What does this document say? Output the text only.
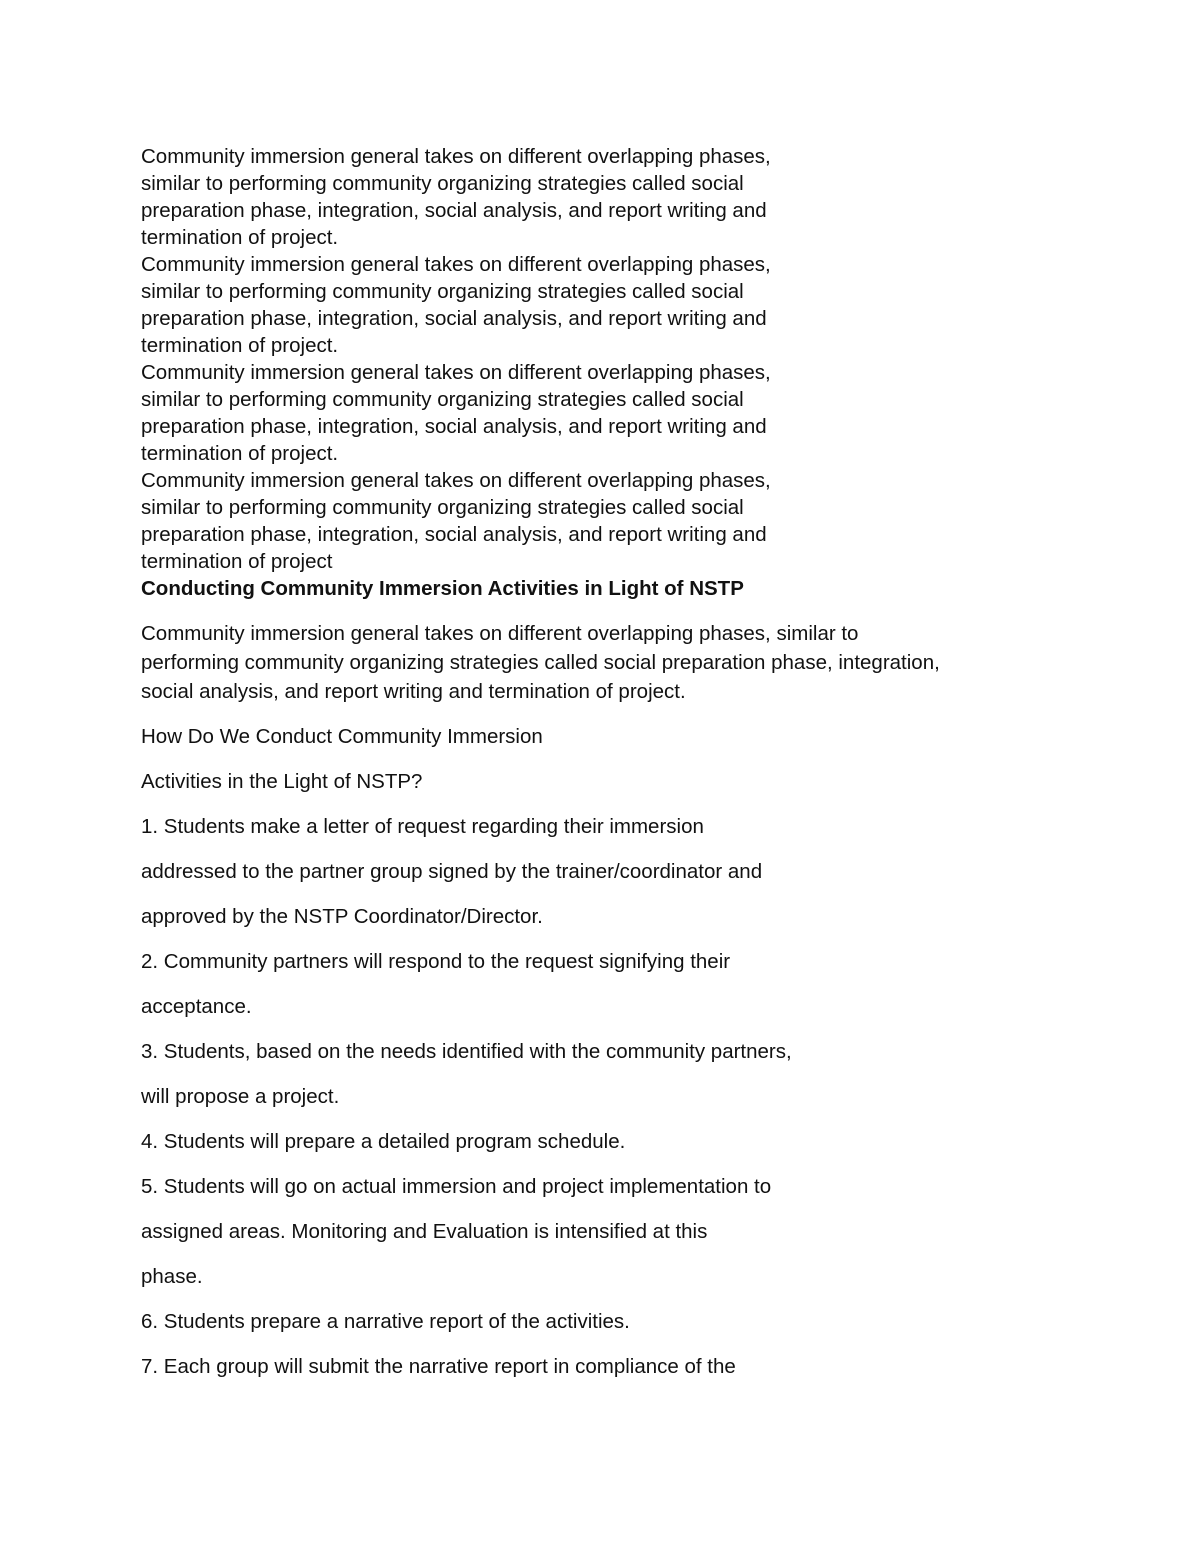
Community immersion general takes on different overlapping phases,
similar to performing community organizing strategies called social
preparation phase, integration, social analysis, and report writing and
termination of project.
Community immersion general takes on different overlapping phases,
similar to performing community organizing strategies called social
preparation phase, integration, social analysis, and report writing and
termination of project.
Community immersion general takes on different overlapping phases,
similar to performing community organizing strategies called social
preparation phase, integration, social analysis, and report writing and
termination of project.
Community immersion general takes on different overlapping phases,
similar to performing community organizing strategies called social
preparation phase, integration, social analysis, and report writing and
termination of project
Conducting Community Immersion Activities in Light of NSTP
Community immersion general takes on different overlapping phases, similar to
performing community organizing strategies called social preparation phase, integration,
social analysis, and report writing and termination of project.
How Do We Conduct Community Immersion
Activities in the Light of NSTP?
1. Students make a letter of request regarding their immersion
addressed to the partner group signed by the trainer/coordinator and
approved by the NSTP Coordinator/Director.
2. Community partners will respond to the request signifying their
acceptance.
3. Students, based on the needs identified with the community partners,
will propose a project.
4. Students will prepare a detailed program schedule.
5. Students will go on actual immersion and project implementation to
assigned areas. Monitoring and Evaluation is intensified at this
phase.
6. Students prepare a narrative report of the activities.
7. Each group will submit the narrative report in compliance of the
